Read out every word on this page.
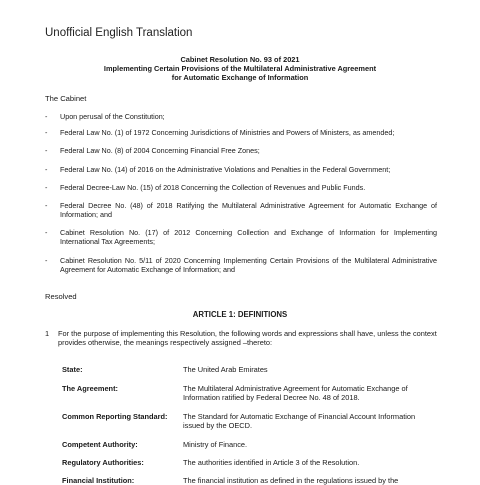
Unofficial English Translation
Cabinet Resolution No. 93 of 2021
Implementing Certain Provisions of the Multilateral Administrative Agreement
for Automatic Exchange of Information
The Cabinet
-	Upon perusal of the Constitution;
-	Federal Law No. (1) of 1972 Concerning Jurisdictions of Ministries and Powers of Ministers, as amended;
-	Federal Law No. (8) of 2004 Concerning Financial Free Zones;
-	Federal Law No. (14) of 2016 on the Administrative Violations and Penalties in the Federal Government;
-	Federal Decree-Law No. (15) of 2018 Concerning the Collection of Revenues and Public Funds.
-	Federal Decree No. (48) of 2018 Ratifying the Multilateral Administrative Agreement for Automatic Exchange of Information; and
-	Cabinet Resolution No. (17) of 2012 Concerning Collection and Exchange of Information for Implementing International Tax Agreements;
-	Cabinet Resolution No. 5/11 of 2020 Concerning Implementing Certain Provisions of the Multilateral Administrative Agreement for Automatic Exchange of Information; and
Resolved
ARTICLE 1: DEFINITIONS
1 For the purpose of implementing this Resolution, the following words and expressions shall have, unless the context provides otherwise, the meanings respectively assigned –thereto:
State:	The United Arab Emirates
The Agreement:	The Multilateral Administrative Agreement for Automatic Exchange of Information ratified by Federal Decree No. 48 of 2018.
Common Reporting Standard:	The Standard for Automatic Exchange of Financial Account Information issued by the OECD.
Competent Authority:	Ministry of Finance.
Regulatory Authorities:	The authorities identified in Article 3 of the Resolution.
Financial Institution:	The financial institution as defined in the regulations issued by the
